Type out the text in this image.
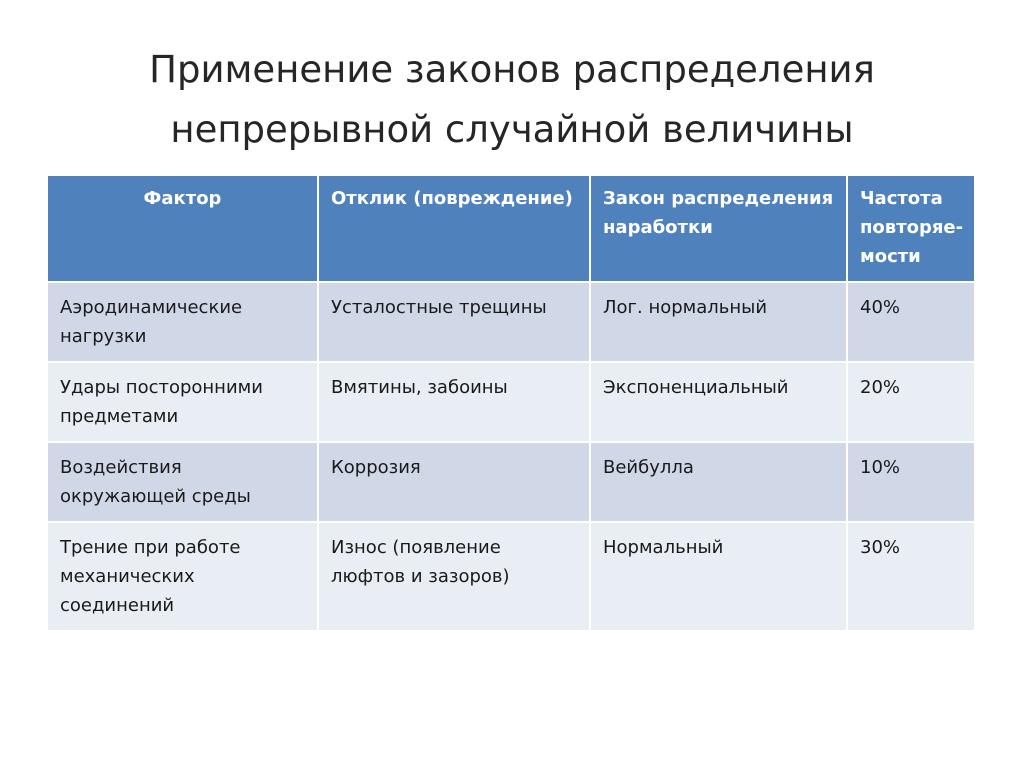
Применение законов распределения
непрерывной случайной величины
Фактор	Отклик (повреждение)	Закон распределения наработки	Частота повторяе-мости
Аэродинамические нагрузки	Усталостные трещины	Лог. нормальный	40%
Удары посторонними предметами	Вмятины, забоины	Экспоненциальный	20%
Воздействия окружающей среды	Коррозия	Вейбулла	10%
Трение при работе механических соединений	Износ (появление люфтов и зазоров)	Нормальный	30%
